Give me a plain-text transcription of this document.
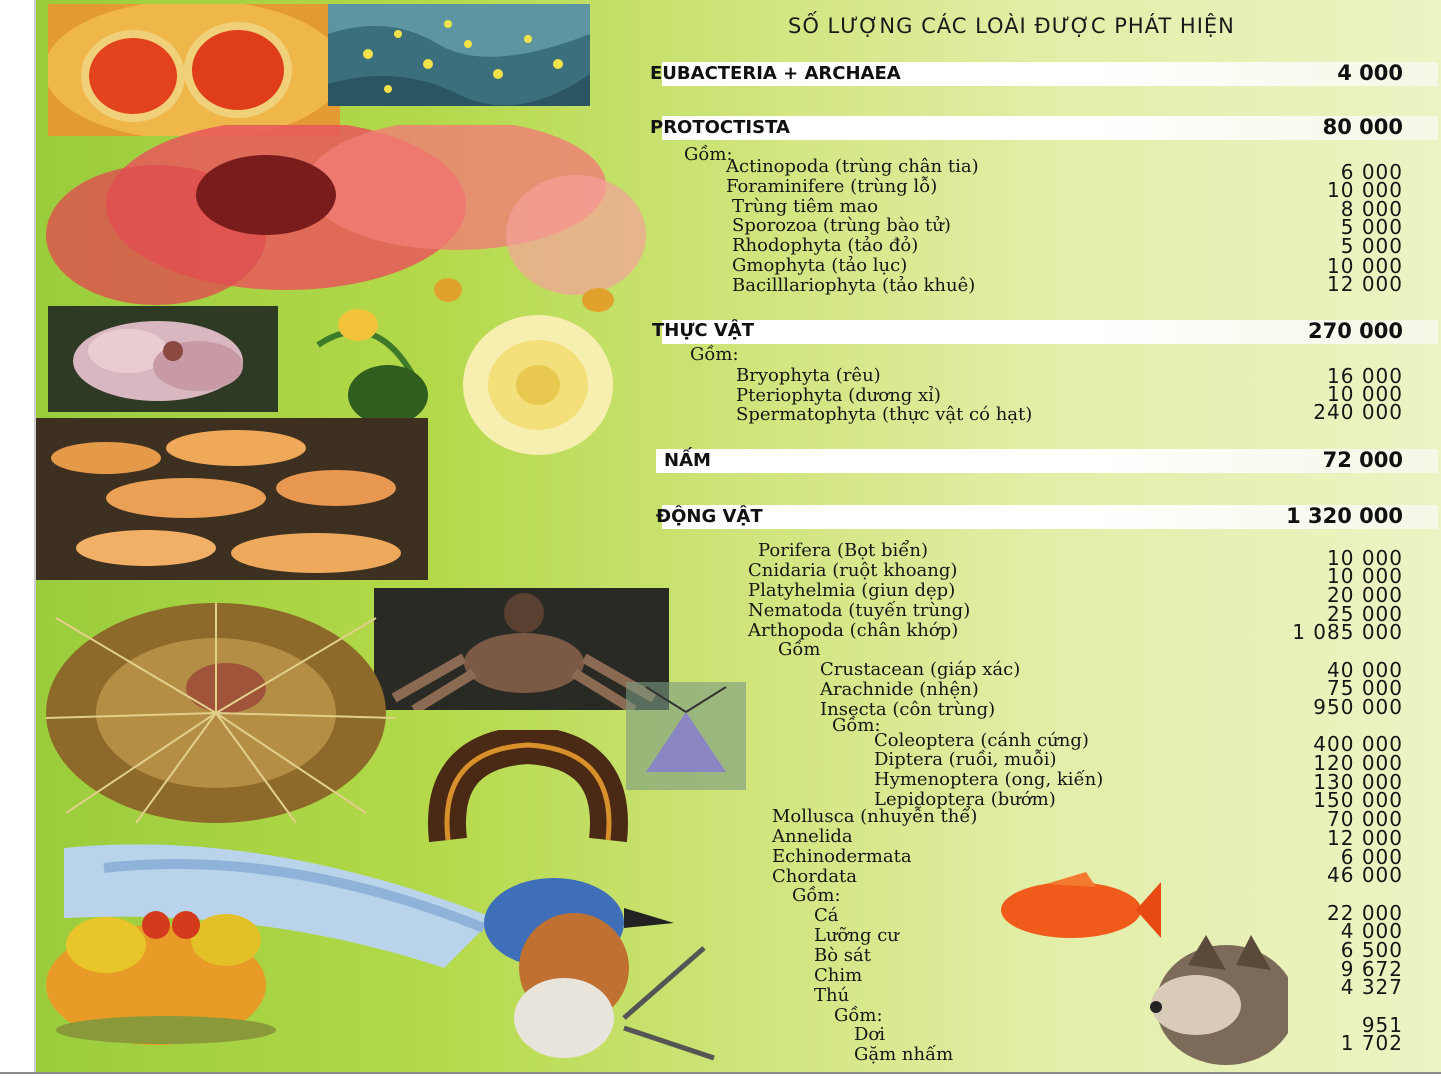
SỐ LƯỢNG CÁC LOÀI ĐƯỢC PHÁT HIỆN
EUBACTERIA + ARCHAEA	4 000
PROTOCTISTA	80 000
Gồm:
Actinopoda (trùng chân tia)	6 000
Foraminifere (trùng lỗ)	10 000
Trùng tiêm mao	8 000
Sporozoa (trùng bào tử)	5 000
Rhodophyta (tảo đỏ)	5 000
Gmophyta (tảo lục)	10 000
Bacilllariophyta (tảo khuê)	12 000
THỰC VẬT	270 000
Gồm:
Bryophyta (rêu)	16 000
Pteriophyta (dương xỉ)	10 000
Spermatophyta (thực vật có hạt)	240 000
NẤM	72 000
ĐỘNG VẬT	1 320 000
Porifera (Bọt biển)	10 000
Cnidaria (ruột khoang)	10 000
Platyhelmia (giun dẹp)	20 000
Nematoda (tuyến trùng)	25 000
Arthopoda (chân khớp)	1 085 000
Gồm
Crustacean (giáp xác)	40 000
Arachnide (nhện)	75 000
Insecta (côn trùng)	950 000
Gồm:
Coleoptera (cánh cứng)	400 000
Diptera (ruồi, muỗi)	120 000
Hymenoptera (ong, kiến)	130 000
Lepidoptera (bướm)	150 000
Mollusca (nhuyễn thể)	70 000
Annelida	12 000
Echinodermata	6 000
Chordata	46 000
Gồm:
Cá	22 000
Lưỡng cư	4 000
Bò sát	6 500
Chim	9 672
Thú	4 327
Gồm:
Dơi	951
Gặm nhấm	1 702
